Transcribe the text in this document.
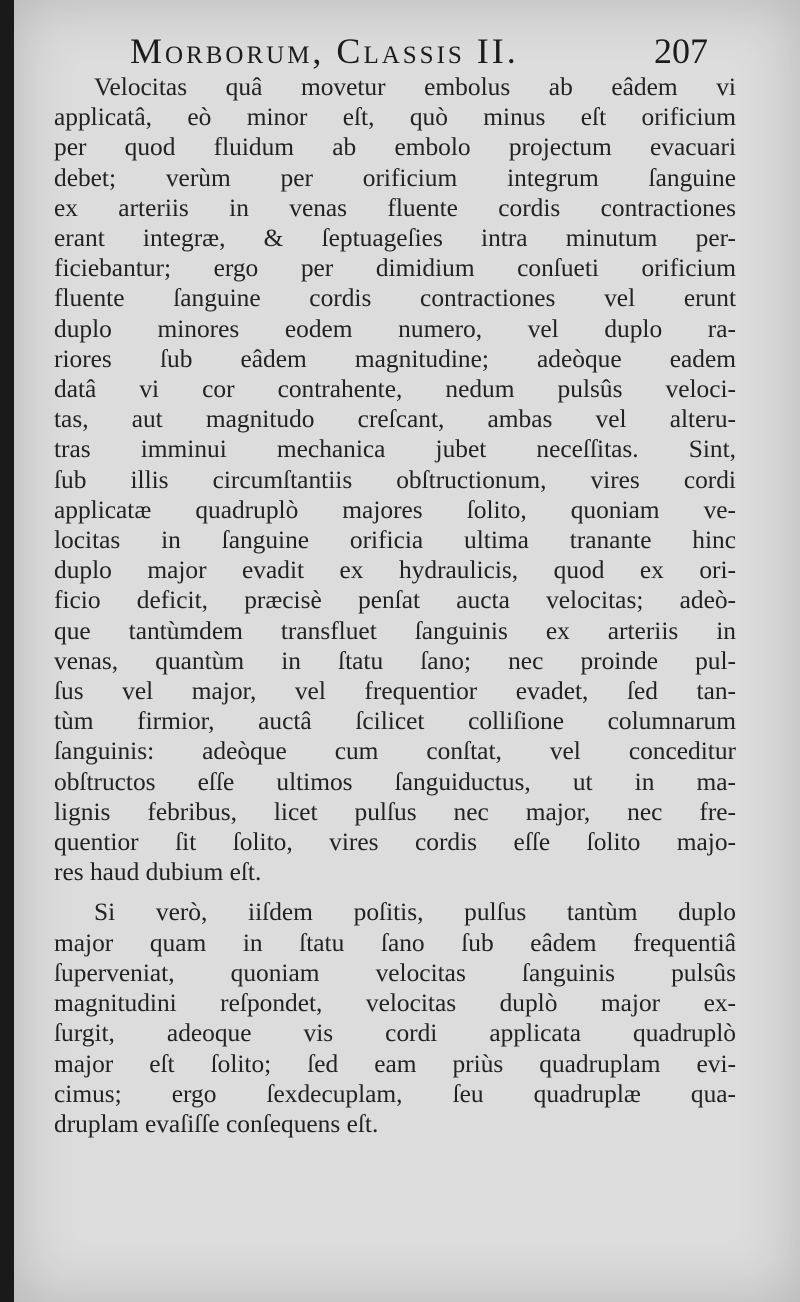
Morborum, Classis II.	207
Velocitas quâ movetur embolus ab eâdem vi
applicatâ, eò minor eſt, quò minus eſt orificium
per quod fluidum ab embolo projectum evacuari
debet; verùm per orificium integrum ſanguine
ex arteriis in venas fluente cordis contractiones
erant integræ, & ſeptuageſies intra minutum per-
ficiebantur; ergo per dimidium conſueti orificium
fluente ſanguine cordis contractiones vel erunt
duplo minores eodem numero, vel duplo ra-
riores ſub eâdem magnitudine; adeòque eadem
datâ vi cor contrahente, nedum pulsûs veloci-
tas, aut magnitudo creſcant, ambas vel alteru-
tras imminui mechanica jubet neceſſitas. Sint,
ſub illis circumſtantiis obſtructionum, vires cordi
applicatæ quadruplò majores ſolito, quoniam ve-
locitas in ſanguine orificia ultima tranante hinc
duplo major evadit ex hydraulicis, quod ex ori-
ficio deficit, præcisè penſat aucta velocitas; adeò-
que tantùmdem transfluet ſanguinis ex arteriis in
venas, quantùm in ſtatu ſano; nec proinde pul-
ſus vel major, vel frequentior evadet, ſed tan-
tùm firmior, auctâ ſcilicet colliſione columnarum
ſanguinis: adeòque cum conſtat, vel conceditur
obſtructos eſſe ultimos ſanguiductus, ut in ma-
lignis febribus, licet pulſus nec major, nec fre-
quentior ſit ſolito, vires cordis eſſe ſolito majo-
res haud dubium eſt.
Si verò, iiſdem poſitis, pulſus tantùm duplo
major quam in ſtatu ſano ſub eâdem frequentiâ
ſuperveniat, quoniam velocitas ſanguinis pulsûs
magnitudini reſpondet, velocitas duplò major ex-
ſurgit, adeoque vis cordi applicata quadruplò
major eſt ſolito; ſed eam priùs quadruplam evi-
cimus; ergo ſexdecuplam, ſeu quadruplæ qua-
druplam evaſiſſe conſequens eſt.
